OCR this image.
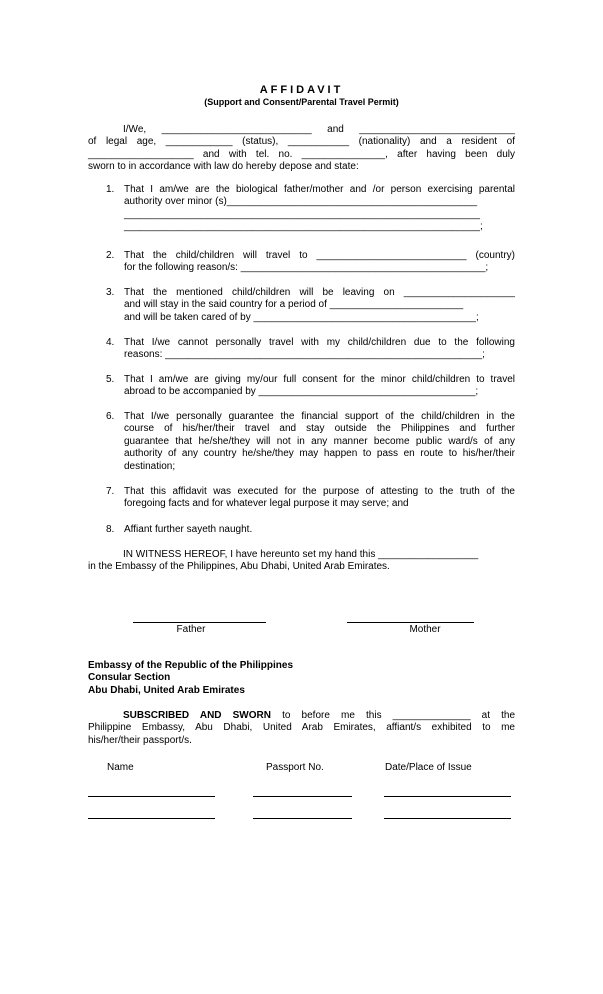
AFFIDAVIT
(Support and Consent/Parental Travel Permit)
I/We, ___________________________ and ____________________________
of legal age, ____________ (status), ___________ (nationality) and a resident of
___________________ and with tel. no. _______________, after having been duly
sworn to in accordance with law do hereby depose and state:
1. That I am/we are the biological father/mother and /or person exercising parental
authority over minor (s)_____________________________________________
________________________________________________________________
________________________________________________________________;
2. That the child/children will travel to ___________________________ (country)
for the following reason/s: ____________________________________________;
3. That the mentioned child/children will be leaving on ____________________
and will stay in the said country for a period of ________________________
and will be taken cared of by ________________________________________;
4. That I/we cannot personally travel with my child/children due to the following
reasons: _________________________________________________________;
5. That I am/we are giving my/our full consent for the minor child/children to travel
abroad to be accompanied by _______________________________________;
6. That I/we personally guarantee the financial support of the child/children in the
course of his/her/their travel and stay outside the Philippines and further
guarantee that he/she/they will not in any manner become public ward/s of any
authority of any country he/she/they may happen to pass en route to his/her/their
destination;
7. That this affidavit was executed for the purpose of attesting to the truth of the
foregoing facts and for whatever legal purpose it may serve; and
8. Affiant further sayeth naught.
IN WITNESS HEREOF, I have hereunto set my hand this __________________
in the Embassy of the Philippines, Abu Dhabi, United Arab Emirates.
Father	Mother
Embassy of the Republic of the Philippines
Consular Section
Abu Dhabi, United Arab Emirates
SUBSCRIBED AND SWORN to before me this ______________ at the
Philippine Embassy, Abu Dhabi, United Arab Emirates, affiant/s exhibited to me
his/her/their passport/s.
Name	Passport No.	Date/Place of Issue
